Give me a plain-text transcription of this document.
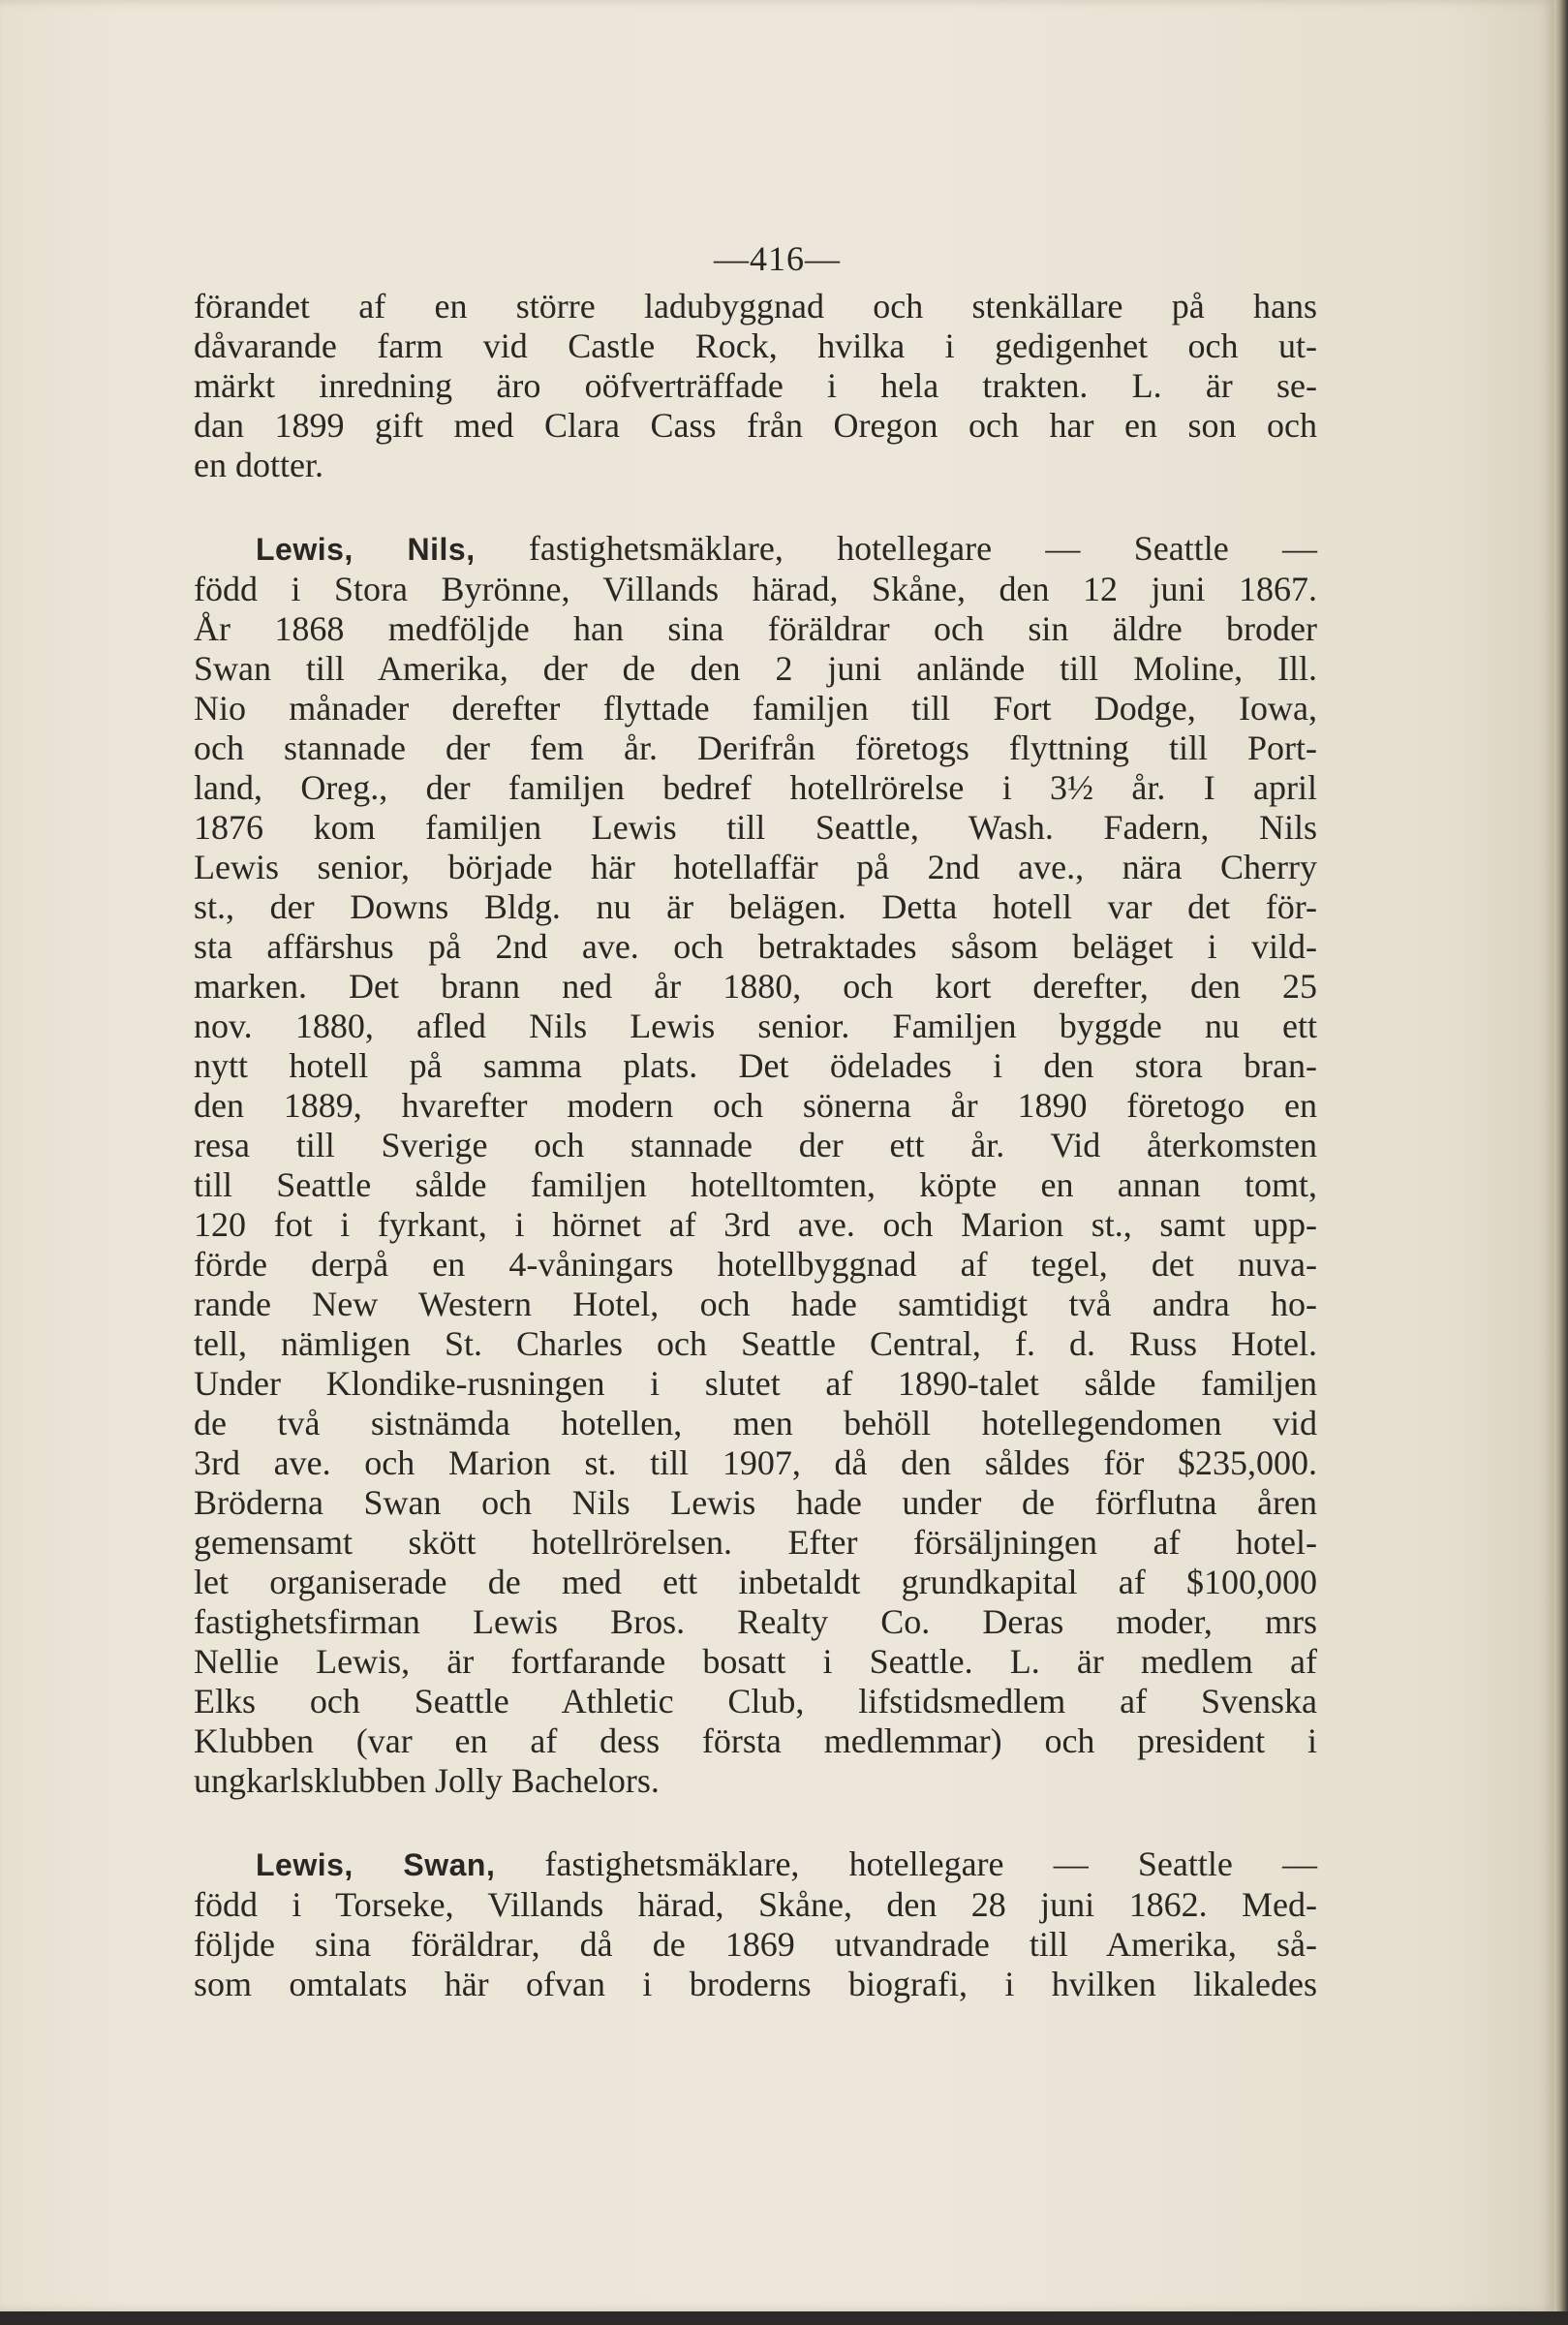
—416—
förandet af en större ladubyggnad och stenkällare på hans
dåvarande farm vid Castle Rock, hvilka i gedigenhet och ut-
märkt inredning äro oöfverträffade i hela trakten. L. är se-
dan 1899 gift med Clara Cass från Oregon och har en son och
en dotter.
Lewis, Nils, fastighetsmäklare, hotellegare — Seattle —
född i Stora Byrönne, Villands härad, Skåne, den 12 juni 1867.
År 1868 medföljde han sina föräldrar och sin äldre broder
Swan till Amerika, der de den 2 juni anlände till Moline, Ill.
Nio månader derefter flyttade familjen till Fort Dodge, Iowa,
och stannade der fem år. Derifrån företogs flyttning till Port-
land, Oreg., der familjen bedref hotellrörelse i 3½ år. I april
1876 kom familjen Lewis till Seattle, Wash. Fadern, Nils
Lewis senior, började här hotellaffär på 2nd ave., nära Cherry
st., der Downs Bldg. nu är belägen. Detta hotell var det för-
sta affärshus på 2nd ave. och betraktades såsom beläget i vild-
marken. Det brann ned år 1880, och kort derefter, den 25
nov. 1880, afled Nils Lewis senior. Familjen byggde nu ett
nytt hotell på samma plats. Det ödelades i den stora bran-
den 1889, hvarefter modern och sönerna år 1890 företogo en
resa till Sverige och stannade der ett år. Vid återkomsten
till Seattle sålde familjen hotelltomten, köpte en annan tomt,
120 fot i fyrkant, i hörnet af 3rd ave. och Marion st., samt upp-
förde derpå en 4-våningars hotellbyggnad af tegel, det nuva-
rande New Western Hotel, och hade samtidigt två andra ho-
tell, nämligen St. Charles och Seattle Central, f. d. Russ Hotel.
Under Klondike-rusningen i slutet af 1890-talet sålde familjen
de två sistnämda hotellen, men behöll hotellegendomen vid
3rd ave. och Marion st. till 1907, då den såldes för $235,000.
Bröderna Swan och Nils Lewis hade under de förflutna åren
gemensamt skött hotellrörelsen. Efter försäljningen af hotel-
let organiserade de med ett inbetaldt grundkapital af $100,000
fastighetsfirman Lewis Bros. Realty Co. Deras moder, mrs
Nellie Lewis, är fortfarande bosatt i Seattle. L. är medlem af
Elks och Seattle Athletic Club, lifstidsmedlem af Svenska
Klubben (var en af dess första medlemmar) och president i
ungkarlsklubben Jolly Bachelors.
Lewis, Swan, fastighetsmäklare, hotellegare — Seattle —
född i Torseke, Villands härad, Skåne, den 28 juni 1862. Med-
följde sina föräldrar, då de 1869 utvandrade till Amerika, så-
som omtalats här ofvan i broderns biografi, i hvilken likaledes
